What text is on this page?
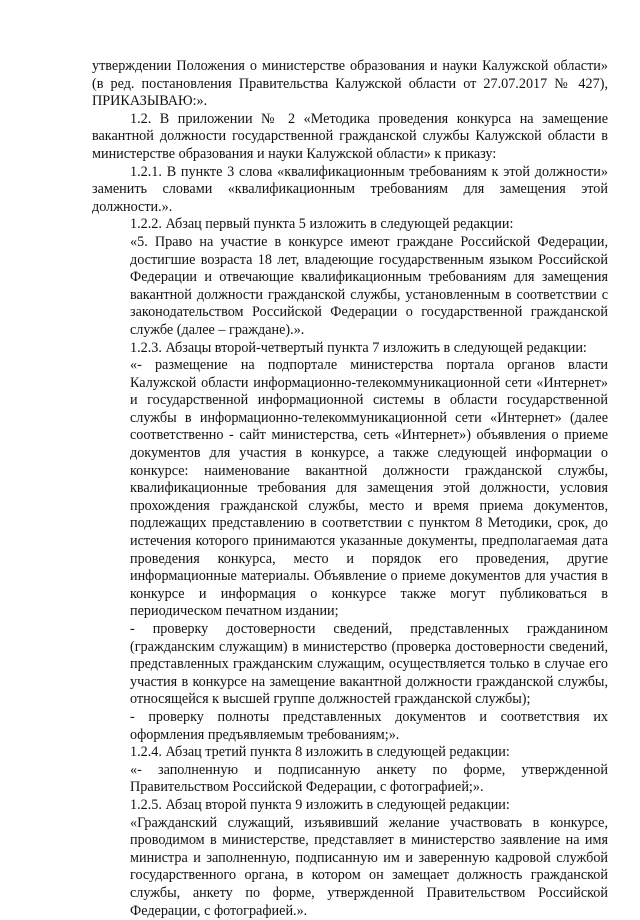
утверждении Положения о министерстве образования и науки Калужской области» (в ред. постановления Правительства Калужской области от 27.07.2017 № 427), ПРИКАЗЫВАЮ:».

1.2. В приложении № 2 «Методика проведения конкурса на замещение вакантной должности государственной гражданской службы Калужской области в министерстве образования и науки Калужской области» к приказу:

1.2.1. В пункте 3 слова «квалификационным требованиям к этой должности» заменить словами «квалификационным требованиям для замещения этой должности.».

1.2.2. Абзац первый пункта 5 изложить в следующей редакции:

«5. Право на участие в конкурсе имеют граждане Российской Федерации, достигшие возраста 18 лет, владеющие государственным языком Российской Федерации и отвечающие квалификационным требованиям для замещения вакантной должности гражданской службы, установленным в соответствии с законодательством Российской Федерации о государственной гражданской службе (далее – граждане).».

1.2.3. Абзацы второй-четвертый пункта 7 изложить в следующей редакции:

«- размещение на подпортале министерства портала органов власти Калужской области информационно-телекоммуникационной сети «Интернет» и государственной информационной системы в области государственной службы в информационно-телекоммуникационной сети «Интернет» (далее соответственно - сайт министерства, сеть «Интернет») объявления о приеме документов для участия в конкурсе, а также следующей информации о конкурсе: наименование вакантной должности гражданской службы, квалификационные требования для замещения этой должности, условия прохождения гражданской службы, место и время приема документов, подлежащих представлению в соответствии с пунктом 8 Методики, срок, до истечения которого принимаются указанные документы, предполагаемая дата проведения конкурса, место и порядок его проведения, другие информационные материалы. Объявление о приеме документов для участия в конкурсе и информация о конкурсе также могут публиковаться в периодическом печатном издании;

- проверку достоверности сведений, представленных гражданином (гражданским служащим) в министерство (проверка достоверности сведений, представленных гражданским служащим, осуществляется только в случае его участия в конкурсе на замещение вакантной должности гражданской службы, относящейся к высшей группе должностей гражданской службы);

- проверку полноты представленных документов и соответствия их оформления предъявляемым требованиям;».

1.2.4. Абзац третий пункта 8 изложить в следующей редакции:

«- заполненную и подписанную анкету по форме, утвержденной Правительством Российской Федерации, с фотографией;».

1.2.5. Абзац второй пункта 9 изложить в следующей редакции:

«Гражданский служащий, изъявивший желание участвовать в конкурсе, проводимом в министерстве, представляет в министерство заявление на имя министра и заполненную, подписанную им и заверенную кадровой службой государственного органа, в котором он замещает должность гражданской службы, анкету по форме, утвержденной Правительством Российской Федерации, с фотографией.».
